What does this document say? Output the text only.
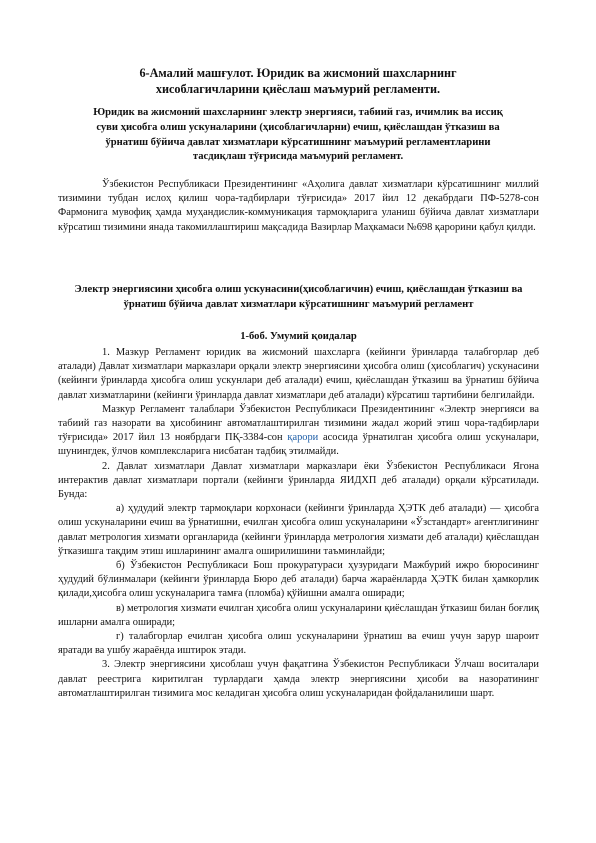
6-Амалий машғулот. Юридик ва жисмоний шахсларнинг хисоблагичларини қиёслаш маъмурий регламенти.
Юридик ва жисмоний шахсларнинг электр энергияси, табиий газ, ичимлик ва иссиқ суви ҳисобга олиш ускуналарини (ҳисоблагичларни) ечиш, қиёслашдан ўтказиш ва ўрнатиш бўйича давлат хизматлари кўрсатишнинг маъмурий регламентларини тасдиқлаш тўғрисида маъмурий регламент.
Ўзбекистон Республикаси Президентининг «Аҳолига давлат хизматлари кўрсатишнинг миллий тизимини тубдан ислоҳ қилиш чора-тадбирлари тўғрисида» 2017 йил 12 декабрдаги ПФ-5278-сон Фармонига мувофиқ ҳамда муҳандислик-коммуникация тармоқларига уланиш бўйича давлат хизматлари кўрсатиш тизимини янада такомиллаштириш мақсадида Вазирлар Маҳкамаси №698 қарорини қабул қилди.
Электр энергиясини ҳисобга олиш ускунасини(ҳисоблагичин) ечиш, қиёслашдан ўтказиш ва ўрнатиш бўйича давлат хизматлари кўрсатишнинг маъмурий регламент
1-боб. Умумий қоидалар

1. Мазкур Регламент юридик ва жисмоний шахсларга (кейинги ўринларда талабгорлар деб аталади) Давлат хизматлари марказлари орқали электр энергиясини ҳисобга олиш (ҳисоблагич) ускунасини (кейинги ўринларда ҳисобга олиш ускунлари деб аталади) ечиш, қиёслашдан ўтказиш ва ўрнатиш бўйича давлат хизматларини (кейинги ўринларда давлат хизматлари деб аталади) кўрсатиш тартибини белгилайди.

Мазкур Регламент талаблари Ўзбекистон Республикаси Президентининг «Электр энергияси ва табиий газ назорати ва ҳисобининг автоматлаштирилган тизимини жадал жорий этиш чора-тадбирлари тўғрисида» 2017 йил 13 ноябрдаги ПҚ-3384-сон қарори асосида ўрнатилган ҳисобга олиш ускуналари, шунингдек, ўлчов комплексларига нисбатан тадбиқ этилмайди.

2. Давлат хизматлари Давлат хизматлари марказлари ёки Ўзбекистон Республикаси Ягона интерактив давлат хизматлари портали (кейинги ўринларда ЯИДХП деб аталади) орқали кўрсатилади. Бунда:

а) ҳудудий электр тармоқлари корхонаси (кейинги ўринларда ҲЭТК деб аталади) — ҳисобга олиш ускуналарини ечиш ва ўрнатишни, ечилган ҳисобга олиш ускуналарини «Ўзстандарт» агентлигининг давлат метрология хизмати органларида (кейинги ўринларда метрология хизмати деб аталади) қиёслашдан ўтказишга тақдим этиш ишларининг амалга оширилишини таъминлайди;

б) Ўзбекистон Республикаси Бош прокуратураси ҳузуридаги Мажбурий ижро бюросининг ҳудудий бўлинмалари (кейинги ўринларда Бюро деб аталади) барча жараёнларда ҲЭТК билан ҳамкорлик қилади,ҳисобга олиш ускуналарига тамға (пломба) қўйишни амалга оширади;

в) метрология хизмати ечилган ҳисобга олиш ускуналарини қиёслашдан ўтказиш билан боғлиқ ишларни амалга оширади;

г) талабгорлар ечилган ҳисобга олиш ускуналарини ўрнатиш ва ечиш учун зарур шароит яратади ва ушбу жараёнда иштирок этади.

3. Электр энергиясини ҳисоблаш учун фақатгина Ўзбекистон Республикаси Ўлчаш воситалари давлат реестрига киритилган турлардаги ҳамда электр энергиясини ҳисоби ва назоратининг автоматлаштирилган тизимига мос келадиган ҳисобга олиш ускуналаридан фойдаланилиши шарт.
